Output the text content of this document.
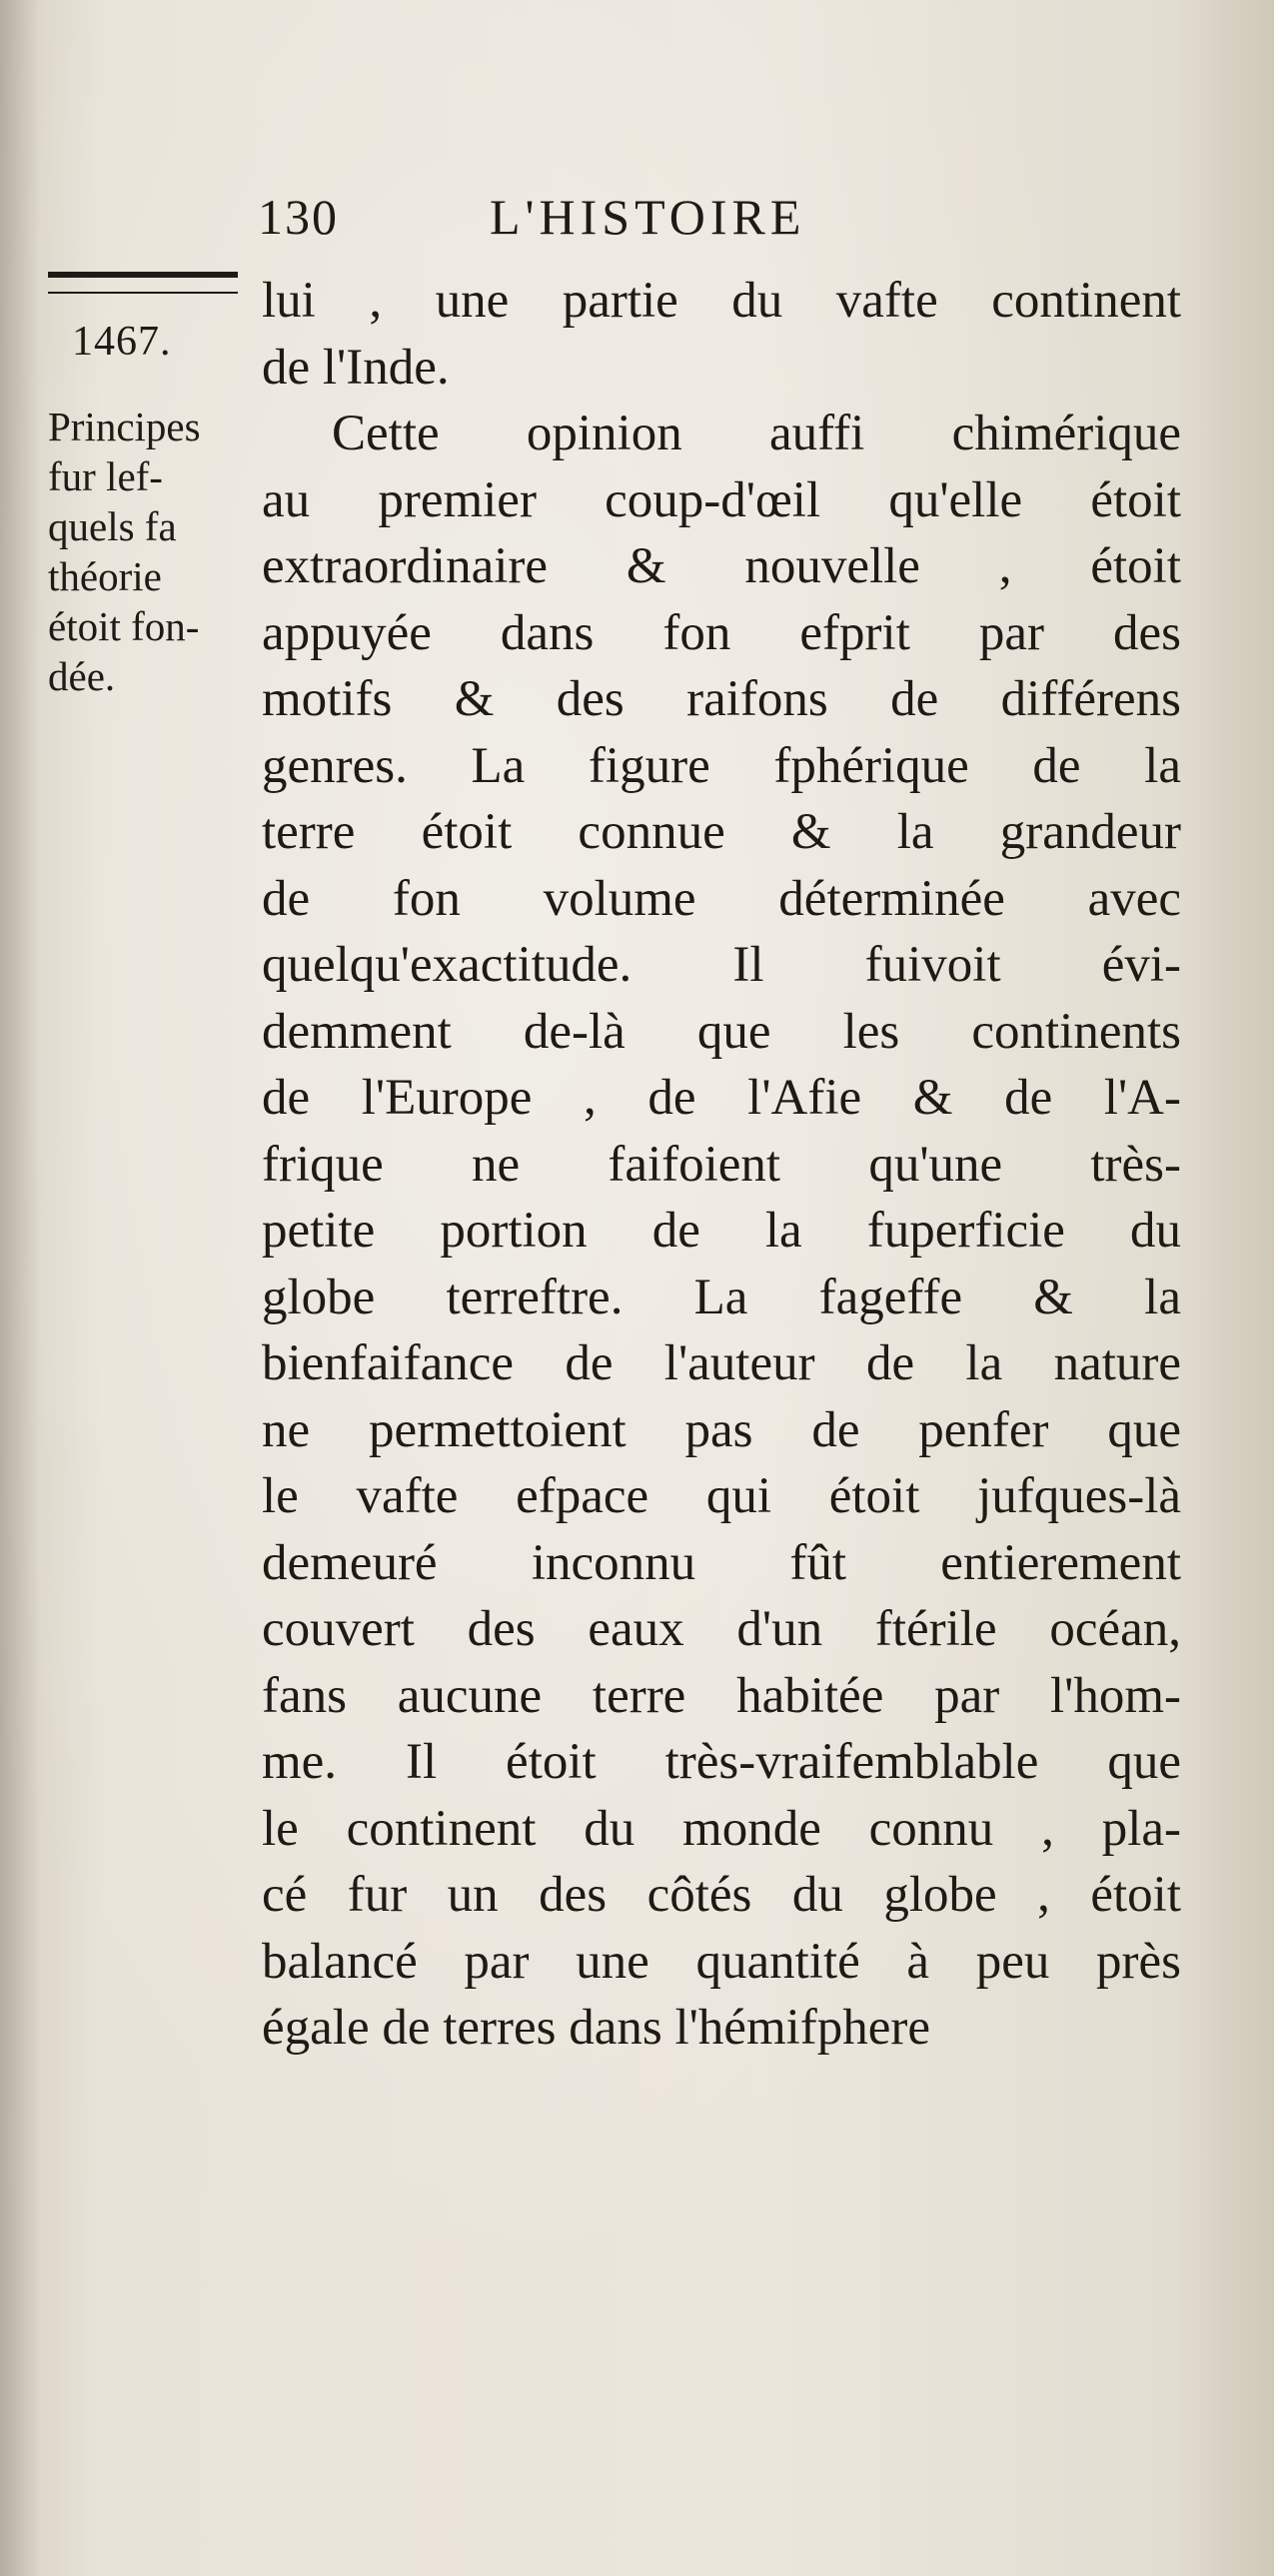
130	L'HISTOIRE
1467.
Principes
fur lef-
quels fa
théorie
étoit fon-
dée.
lui , une partie du vafte continent
de l'Inde.
Cette opinion auffi chimérique
au premier coup-d'œil qu'elle étoit
extraordinaire & nouvelle , étoit
appuyée dans fon efprit par des
motifs & des raifons de différens
genres. La figure fphérique de la
terre étoit connue & la grandeur
de fon volume déterminée avec
quelqu'exactitude. Il fuivoit évi-
demment de-là que les continents
de l'Europe , de l'Afie & de l'A-
frique ne faifoient qu'une très-
petite portion de la fuperficie du
globe terreftre. La fageffe & la
bienfaifance de l'auteur de la nature
ne permettoient pas de penfer que
le vafte efpace qui étoit jufques-là
demeuré inconnu fût entierement
couvert des eaux d'un ftérile océan,
fans aucune terre habitée par l'hom-
me. Il étoit très-vraifemblable que
le continent du monde connu , pla-
cé fur un des côtés du globe , étoit
balancé par une quantité à peu près
égale de terres dans l'hémifphere
